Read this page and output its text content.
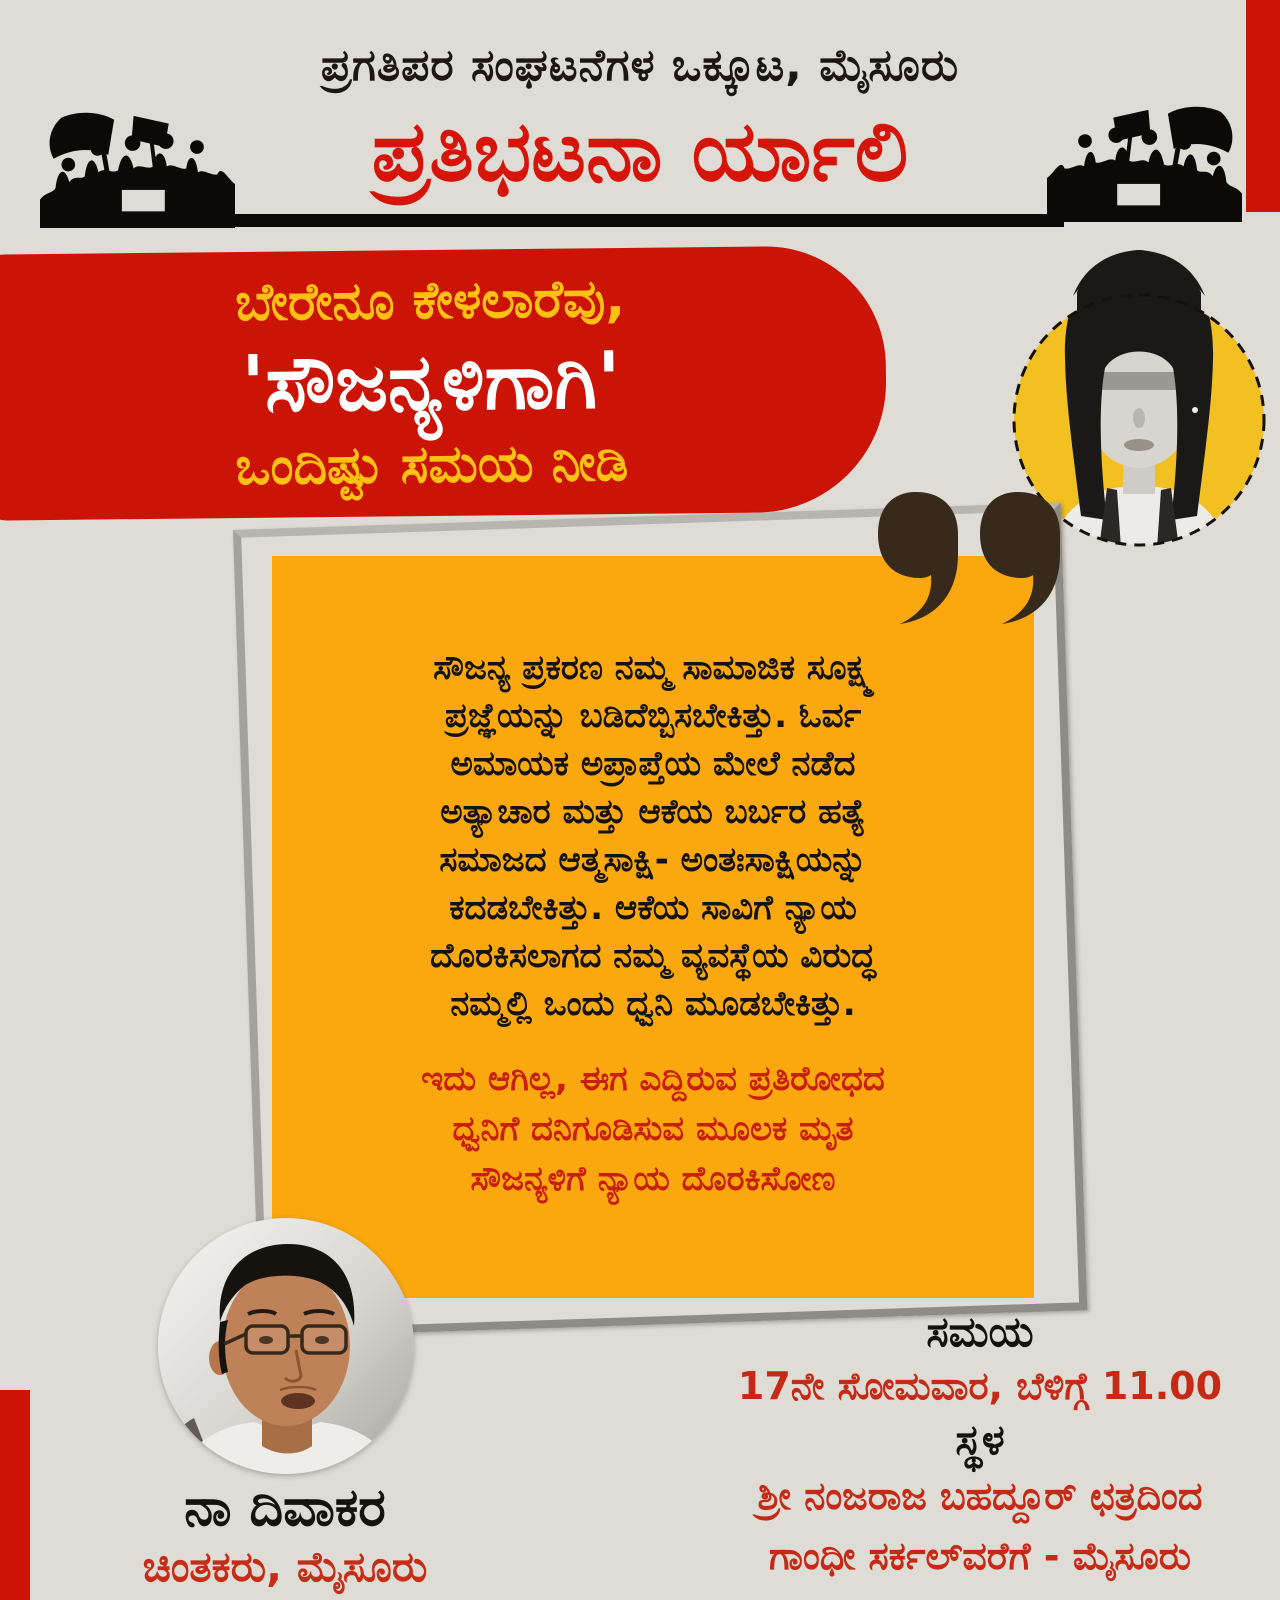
ಪ್ರಗತಿಪರ ಸಂಘಟನೆಗಳ ಒಕ್ಕೂಟ, ಮೈಸೂರು
ಪ್ರತಿಭಟನಾ ರ್ಯಾಲಿ
ಬೇರೇನೂ ಕೇಳಲಾರೆವು,
'ಸೌಜನ್ಯಳಿಗಾಗಿ'
ಒಂದಿಷ್ಟು ಸಮಯ ನೀಡಿ
ಸೌಜನ್ಯ ಪ್ರಕರಣ ನಮ್ಮ ಸಾಮಾಜಿಕ ಸೂಕ್ಷ್ಮ
ಪ್ರಜ್ಞೆಯನ್ನು ಬಡಿದೆಬ್ಬಿಸಬೇಕಿತ್ತು. ಓರ್ವ
ಅಮಾಯಕ ಅಪ್ರಾಪ್ತೆಯ ಮೇಲೆ ನಡೆದ
ಅತ್ಯಾಚಾರ ಮತ್ತು ಆಕೆಯ ಬರ್ಬರ ಹತ್ಯೆ
ಸಮಾಜದ ಆತ್ಮಸಾಕ್ಷಿ- ಅಂತಃಸಾಕ್ಷಿಯನ್ನು
ಕದಡಬೇಕಿತ್ತು. ಆಕೆಯ ಸಾವಿಗೆ ನ್ಯಾಯ
ದೊರಕಿಸಲಾಗದ ನಮ್ಮ ವ್ಯವಸ್ಥೆಯ ವಿರುದ್ಧ
ನಮ್ಮಲ್ಲಿ ಒಂದು ಧ್ವನಿ ಮೂಡಬೇಕಿತ್ತು.
ಇದು ಆಗಿಲ್ಲ, ಈಗ ಎದ್ದಿರುವ ಪ್ರತಿರೋಧದ
ಧ್ವನಿಗೆ ದನಿಗೂಡಿಸುವ ಮೂಲಕ ಮೃತ
ಸೌಜನ್ಯಳಿಗೆ ನ್ಯಾಯ ದೊರಕಿಸೋಣ
ನಾ ದಿವಾಕರ
ಚಿಂತಕರು, ಮೈಸೂರು
ಸಮಯ
17ನೇ ಸೋಮವಾರ, ಬೆಳಿಗ್ಗೆ 11.00
ಸ್ಥಳ
ಶ್ರೀ ನಂಜರಾಜ ಬಹದ್ದೂರ್ ಛತ್ರದಿಂದ
ಗಾಂಧೀ ಸರ್ಕಲ್‌ವರೆಗೆ - ಮೈಸೂರು
